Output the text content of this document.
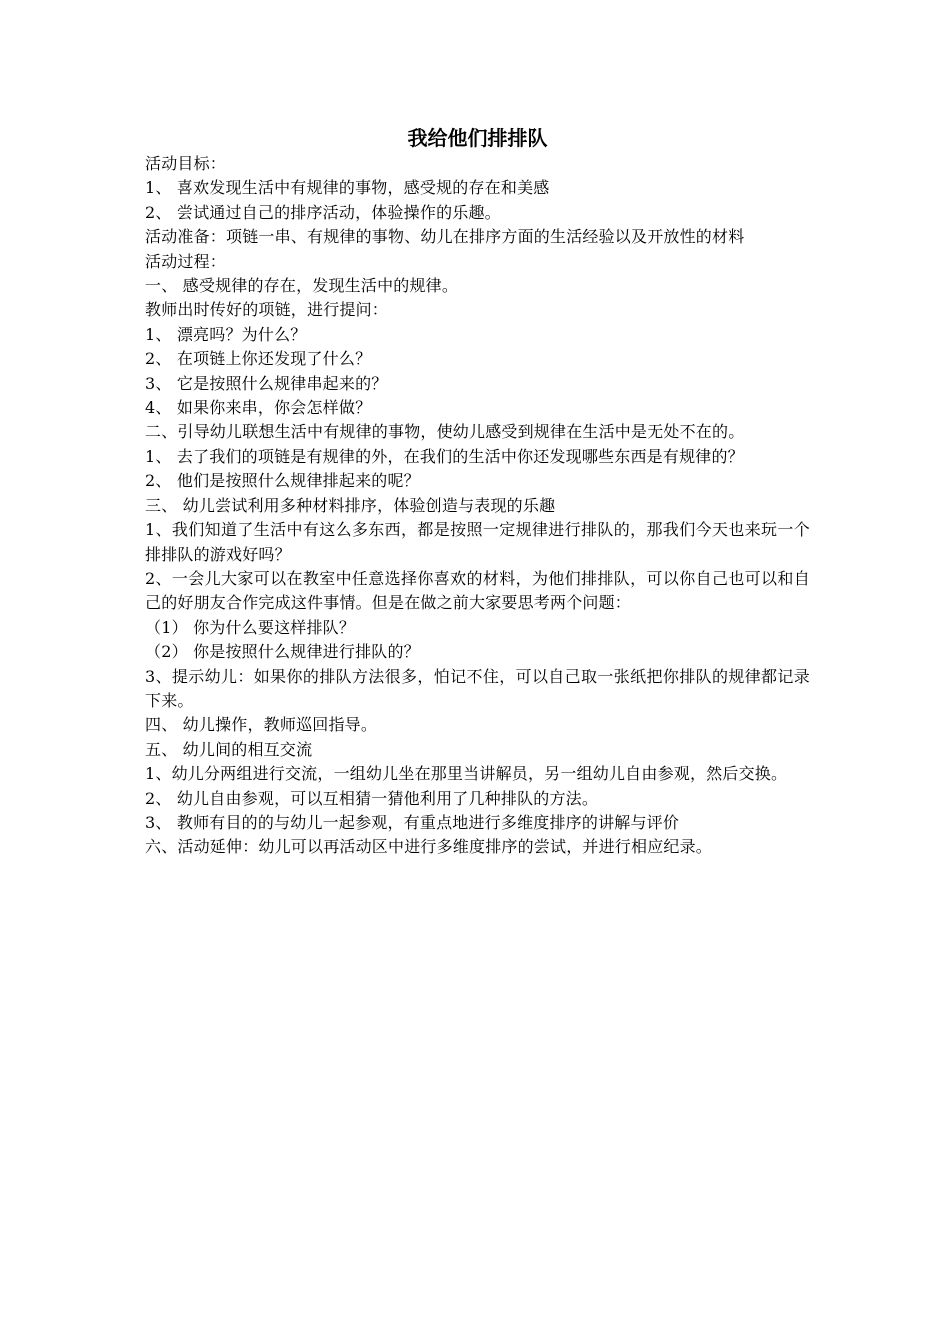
我给他们排排队

活动目标：

1、 喜欢发现生活中有规律的事物，感受规的存在和美感

2、 尝试通过自己的排序活动，体验操作的乐趣。

活动准备：项链一串、有规律的事物、幼儿在排序方面的生活经验以及开放性的材料

活动过程：

一、 感受规律的存在，发现生活中的规律。

教师出时传好的项链，进行提问：

1、 漂亮吗？为什么？

2、 在项链上你还发现了什么？

3、 它是按照什么规律串起来的？

4、 如果你来串，你会怎样做？

二、引导幼儿联想生活中有规律的事物，使幼儿感受到规律在生活中是无处不在的。

1、 去了我们的项链是有规律的外，在我们的生活中你还发现哪些东西是有规律的？

2、 他们是按照什么规律排起来的呢？

三、 幼儿尝试利用多种材料排序，体验创造与表现的乐趣

1、我们知道了生活中有这么多东西，都是按照一定规律进行排队的，那我们今天也来玩一个排排队的游戏好吗？

2、一会儿大家可以在教室中任意选择你喜欢的材料，为他们排排队，可以你自己也可以和自己的好朋友合作完成这件事情。但是在做之前大家要思考两个问题：

（1） 你为什么要这样排队？

（2） 你是按照什么规律进行排队的？

3、提示幼儿：如果你的排队方法很多，怕记不住，可以自己取一张纸把你排队的规律都记录下来。

四、 幼儿操作，教师巡回指导。

五、 幼儿间的相互交流

1、幼儿分两组进行交流，一组幼儿坐在那里当讲解员，另一组幼儿自由参观，然后交换。

2、 幼儿自由参观，可以互相猜一猜他利用了几种排队的方法。

3、 教师有目的的与幼儿一起参观，有重点地进行多维度排序的讲解与评价

六、活动延伸：幼儿可以再活动区中进行多维度排序的尝试，并进行相应纪录。
